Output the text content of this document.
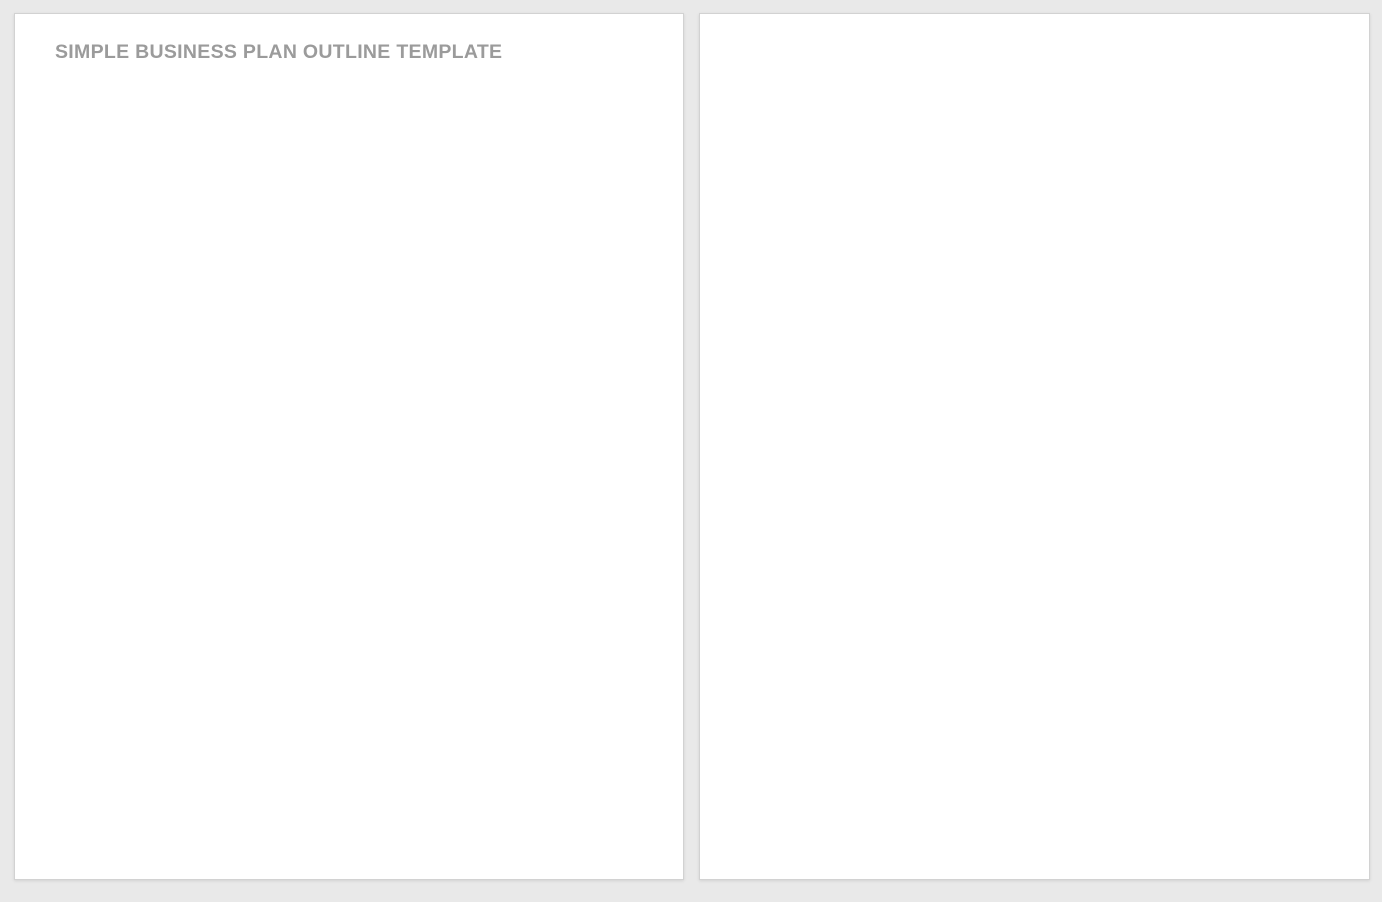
SIMPLE BUSINESS PLAN OUTLINE TEMPLATE
